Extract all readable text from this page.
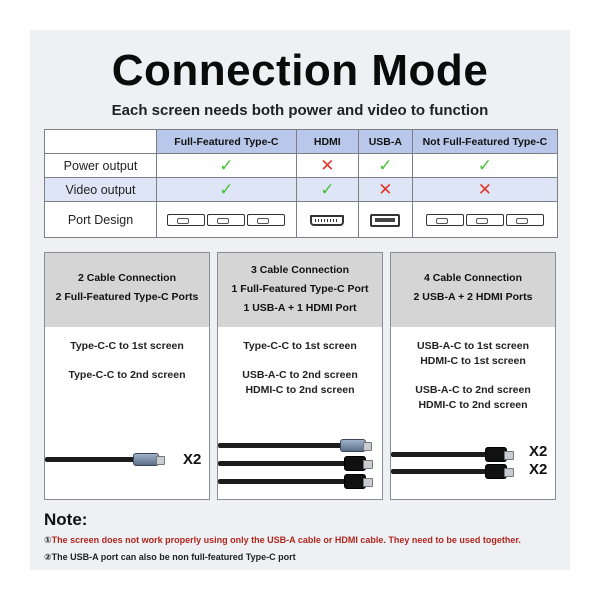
Connection Mode
Each screen needs both power and video to function
	Full-Featured Type-C	HDMI	USB-A	Not Full-Featured Type-C
Power output	✓	✕	✓	✓
Video output	✓	✓	✕	✕
Port Design				
2 Cable Connection
2 Full-Featured Type-C Ports
Type-C-C to 1st screen
Type-C-C to 2nd screen
X2
3 Cable Connection
1 Full-Featured Type-C Port
1 USB-A + 1 HDMI Port
Type-C-C to 1st screen
USB-A-C to 2nd screen
HDMI-C to 2nd screen
4 Cable Connection
2 USB-A + 2 HDMI Ports
USB-A-C to 1st screen
HDMI-C to 1st screen
USB-A-C to 2nd screen
HDMI-C to 2nd screen
X2
X2
Note:
①The screen does not work properly using only the USB-A cable or HDMI cable. They need to be used together.
②The USB-A port can also be non full-featured Type-C port
